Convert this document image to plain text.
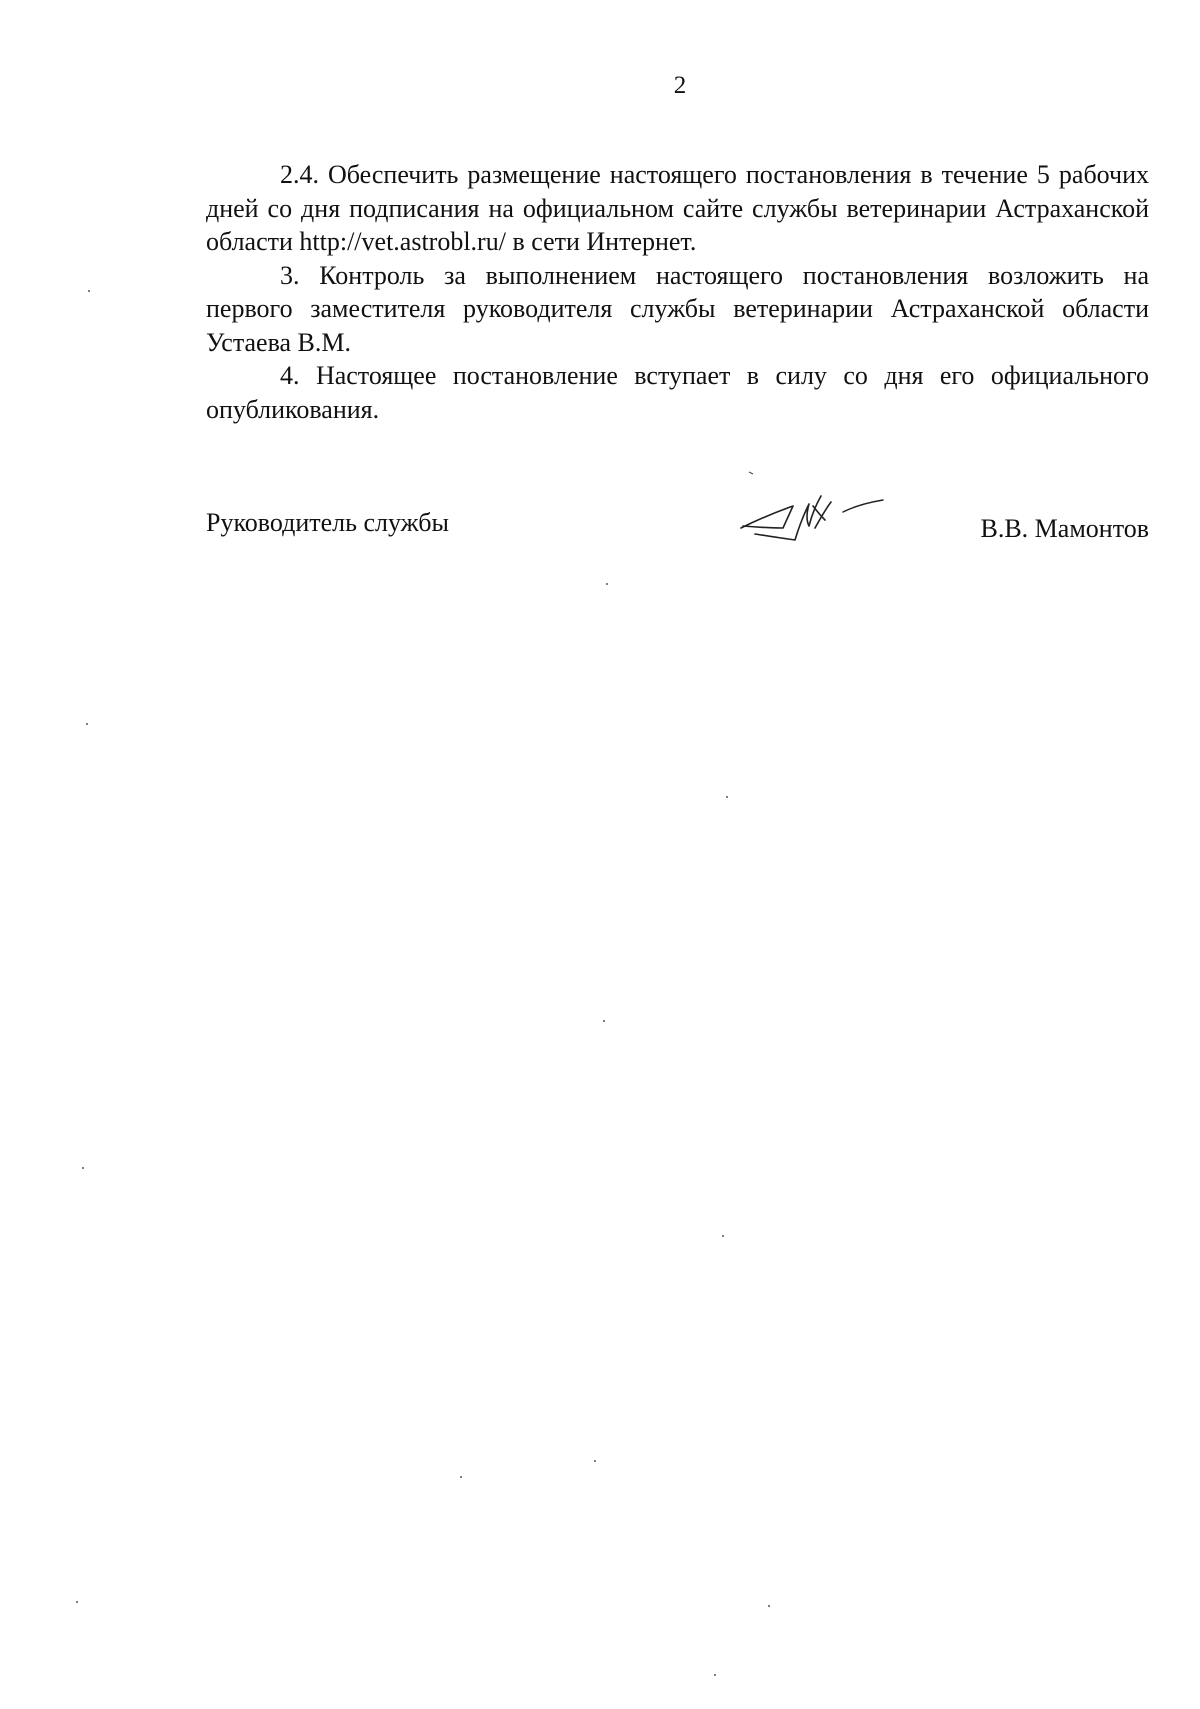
2

2.4. Обеспечить размещение настоящего постановления в течение 5 рабочих дней со дня подписания на официальном сайте службы ветеринарии Астраханской области http://vet.astrobl.ru/ в сети Интернет.

3. Контроль за выполнением настоящего постановления возложить на первого заместителя руководителя службы ветеринарии Астраханской области Устаева В.М.

4. Настоящее постановление вступает в силу со дня его официального опубликования.

Руководитель службы	В.В. Мамонтов
